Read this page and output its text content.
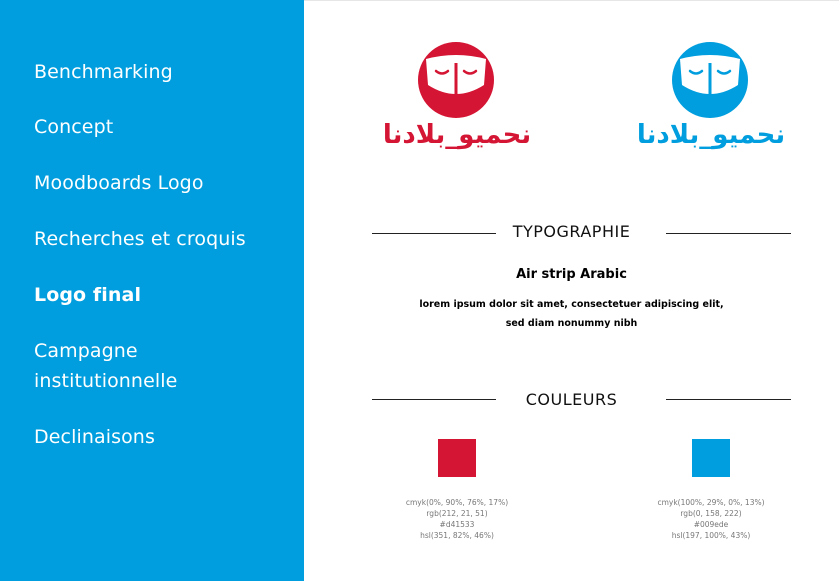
Benchmarking
Concept
Moodboards Logo
Recherches et croquis
Logo final
Campagne
institutionnelle
Declinaisons
نحميو_بلادنا	نحميو_بلادنا
TYPOGRAPHIE
Air strip Arabic
lorem ipsum dolor sit amet, consectetuer adipiscing elit,
sed diam nonummy nibh
COULEURS
cmyk(0%, 90%, 76%, 17%)
rgb(212, 21, 51)
#d41533
hsl(351, 82%, 46%)
cmyk(100%, 29%, 0%, 13%)
rgb(0, 158, 222)
#009ede
hsl(197, 100%, 43%)
